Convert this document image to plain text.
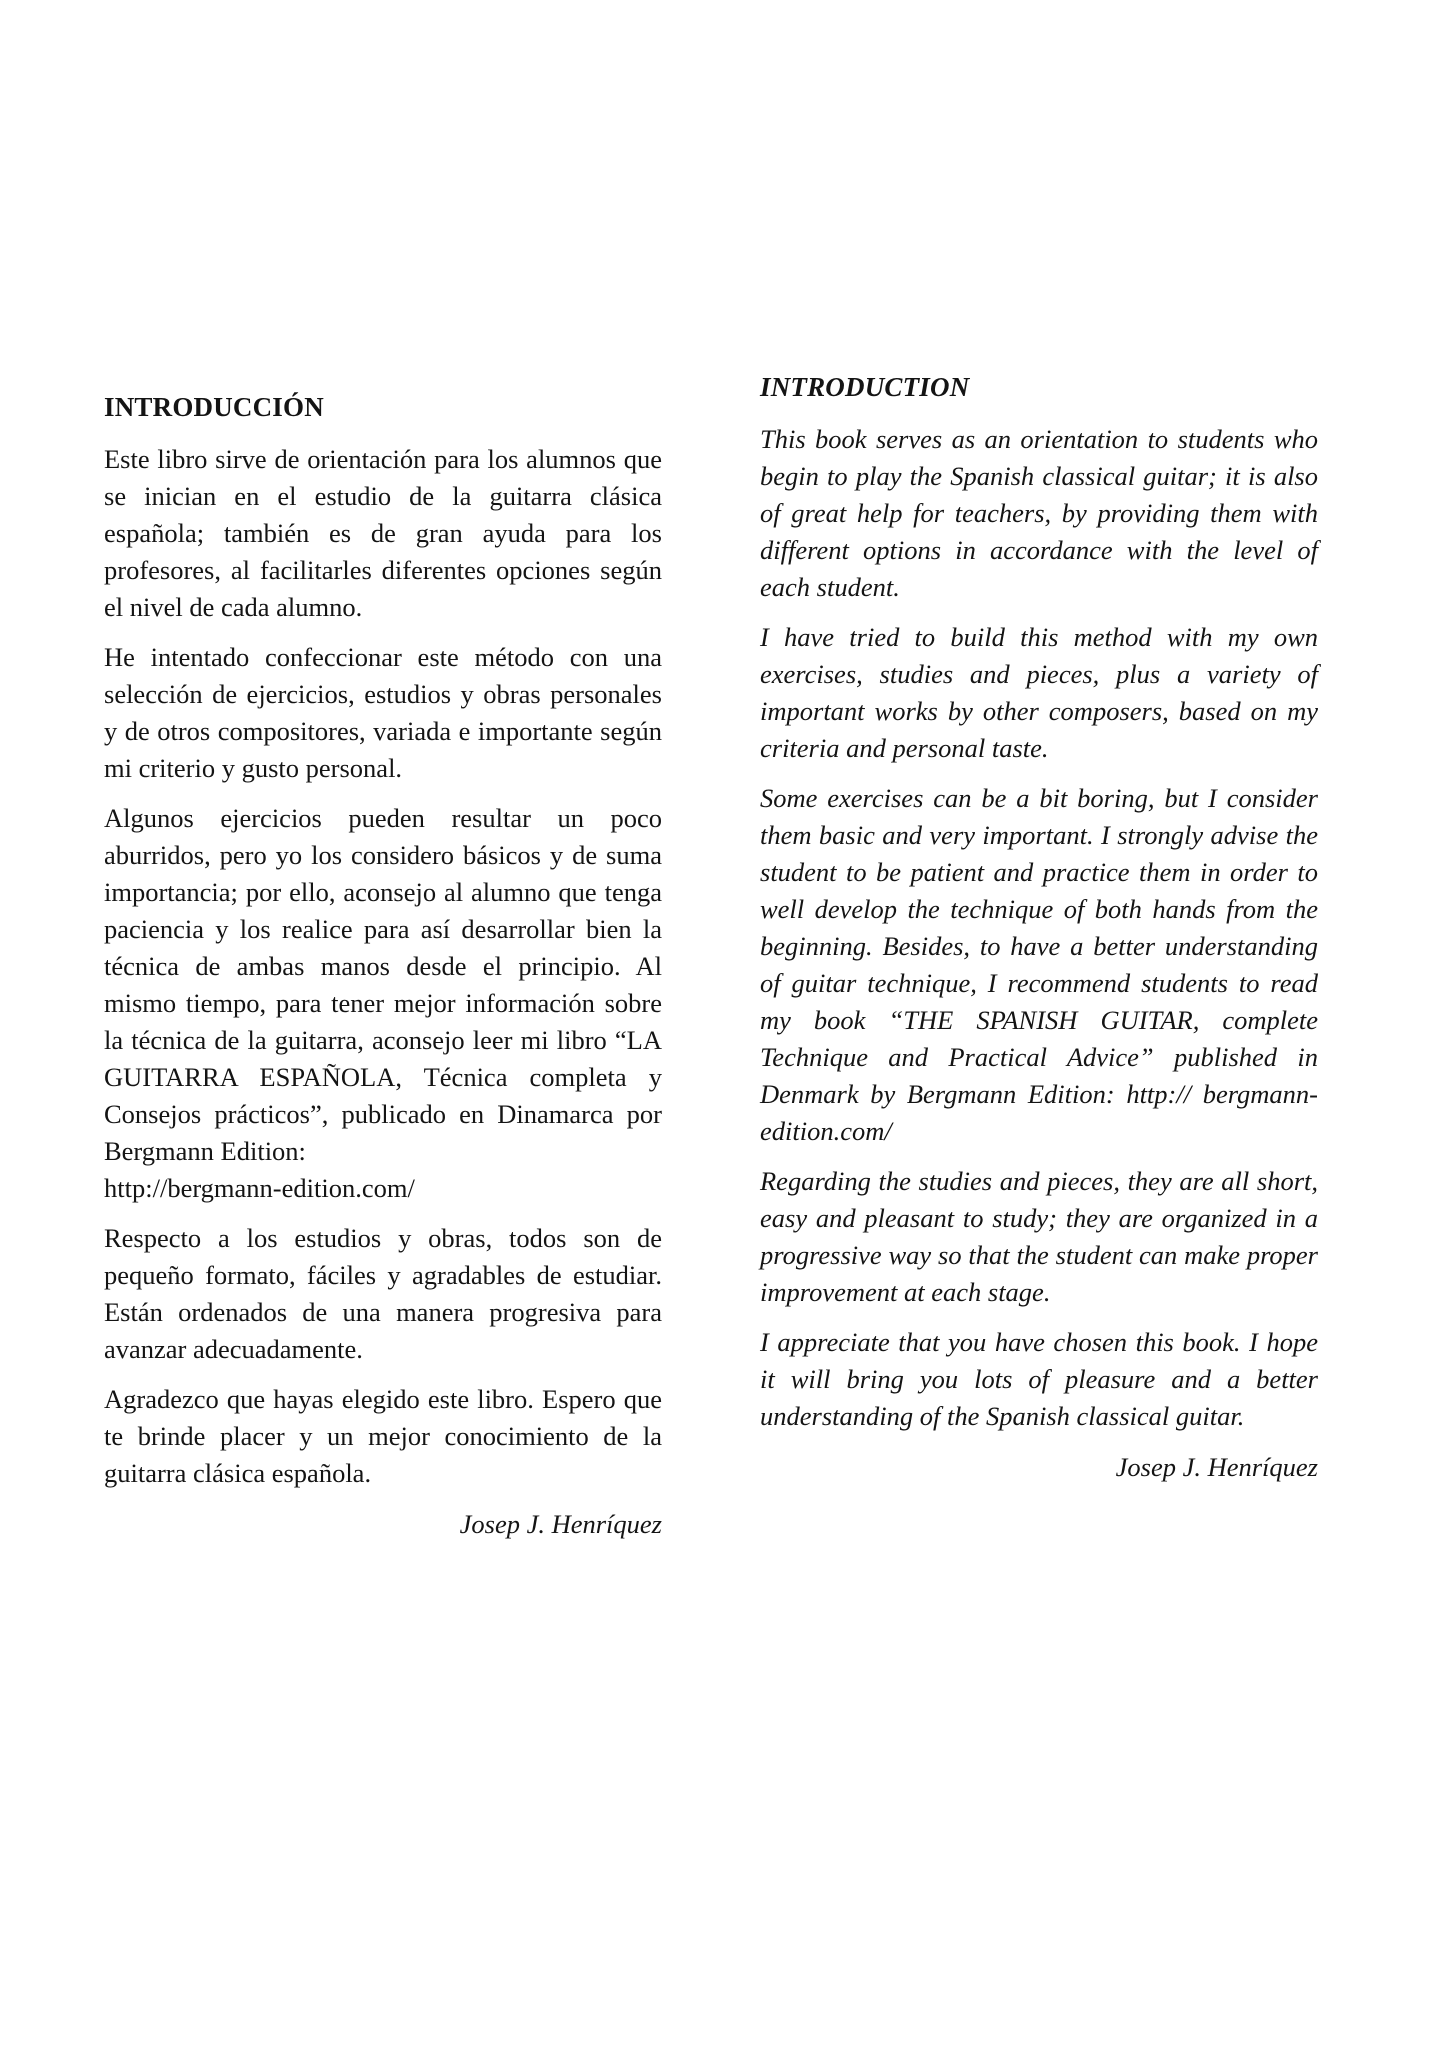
INTRODUCCIÓN

Este libro sirve de orientación para los alumnos que se inician en el estudio de la guitarra clásica española; también es de gran ayuda para los profesores, al facilitarles diferentes opciones según el nivel de cada alumno.

He intentado confeccionar este método con una selección de ejercicios, estudios y obras personales y de otros compositores, variada e importante según mi criterio y gusto personal.

Algunos ejercicios pueden resultar un poco aburridos, pero yo los considero básicos y de suma importancia; por ello, aconsejo al alumno que tenga paciencia y los realice para así desarrollar bien la técnica de ambas manos desde el principio. Al mismo tiempo, para tener mejor información sobre la técnica de la guitarra, aconsejo leer mi libro “LA GUITARRA ESPAÑOLA, Técnica completa y Consejos prácticos”, publicado en Dinamarca por Bergmann Edition:
http://bergmann-edition.com/

Respecto a los estudios y obras, todos son de pequeño formato, fáciles y agradables de estudiar. Están ordenados de una manera progresiva para avanzar adecuadamente.

Agradezco que hayas elegido este libro. Espero que te brinde placer y un mejor conocimiento de la guitarra clásica española.

Josep J. Henríquez

INTRODUCTION

This book serves as an orientation to students who begin to play the Spanish classical guitar; it is also of great help for teachers, by providing them with different options in accordance with the level of each student.

I have tried to build this method with my own exercises, studies and pieces, plus a variety of important works by other composers, based on my criteria and personal taste.

Some exercises can be a bit boring, but I consider them basic and very important. I strongly advise the student to be patient and practice them in order to well develop the technique of both hands from the beginning. Besides, to have a better understanding of guitar technique, I recommend students to read my book “THE SPANISH GUITAR, complete Technique and Practical Advice” published in Denmark by Bergmann Edition: http:// bergmann-edition.com/

Regarding the studies and pieces, they are all short, easy and pleasant to study; they are organized in a progressive way so that the student can make proper improvement at each stage.

I appreciate that you have chosen this book. I hope it will bring you lots of pleasure and a better understanding of the Spanish classical guitar.

Josep J. Henríquez
